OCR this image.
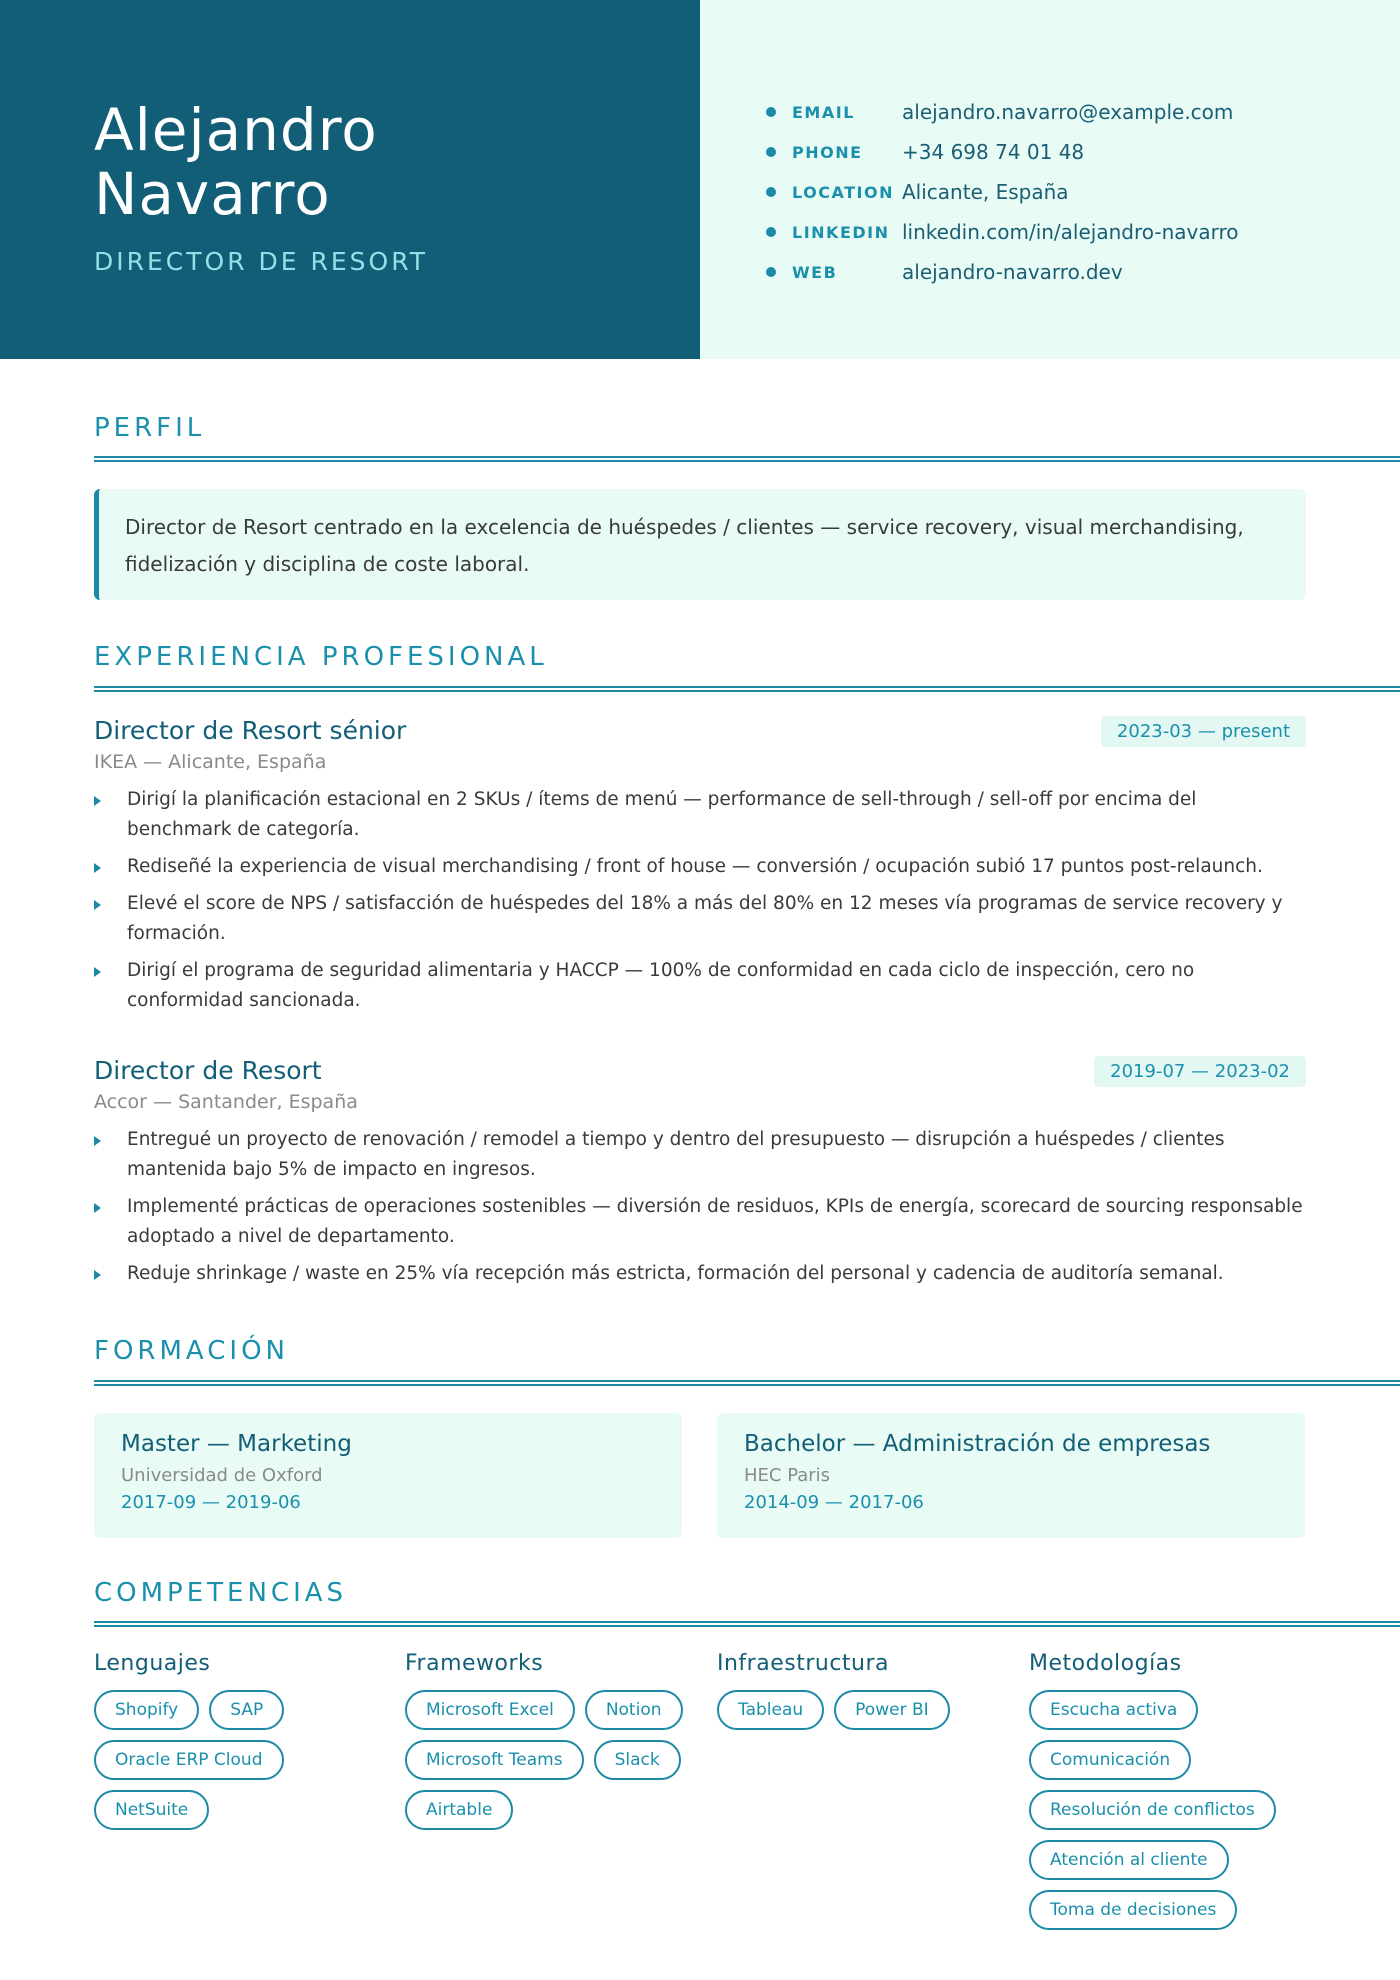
Alejandro
Navarro
DIRECTOR DE RESORT
EMAIL	alejandro.navarro@example.com
PHONE	+34 698 74 01 48
LOCATION Alicante, España
LINKEDIN linkedin.com/in/alejandro-navarro
WEB	alejandro-navarro.dev
PERFIL
Director de Resort centrado en la excelencia de huéspedes / clientes — service recovery, visual merchandising, fidelización y disciplina de coste laboral.
EXPERIENCIA PROFESIONAL
Director de Resort sénior
IKEA — Alicante, España
2023-03 — present
Dirigí la planificación estacional en 2 SKUs / ítems de menú — performance de sell-through / sell-off por encima del benchmark de categoría.
Rediseñé la experiencia de visual merchandising / front of house — conversión / ocupación subió 17 puntos post-relaunch.
Elevé el score de NPS / satisfacción de huéspedes del 18% a más del 80% en 12 meses vía programas de service recovery y formación.
Dirigí el programa de seguridad alimentaria y HACCP — 100% de conformidad en cada ciclo de inspección, cero no conformidad sancionada.
Director de Resort
Accor — Santander, España
2019-07 — 2023-02
Entregué un proyecto de renovación / remodel a tiempo y dentro del presupuesto — disrupción a huéspedes / clientes mantenida bajo 5% de impacto en ingresos.
Implementé prácticas de operaciones sostenibles — diversión de residuos, KPIs de energía, scorecard de sourcing responsable adoptado a nivel de departamento.
Reduje shrinkage / waste en 25% vía recepción más estricta, formación del personal y cadencia de auditoría semanal.
FORMACIÓN
Master — Marketing
Universidad de Oxford
2017-09 — 2019-06
Bachelor — Administración de empresas
HEC Paris
2014-09 — 2017-06
COMPETENCIAS
Lenguajes
Shopify	SAP
Oracle ERP Cloud
NetSuite
Frameworks
Microsoft Excel	Notion
Microsoft Teams	Slack
Airtable
Infraestructura
Tableau	Power BI
Metodologías
Escucha activa
Comunicación
Resolución de conflictos
Atención al cliente
Toma de decisiones
